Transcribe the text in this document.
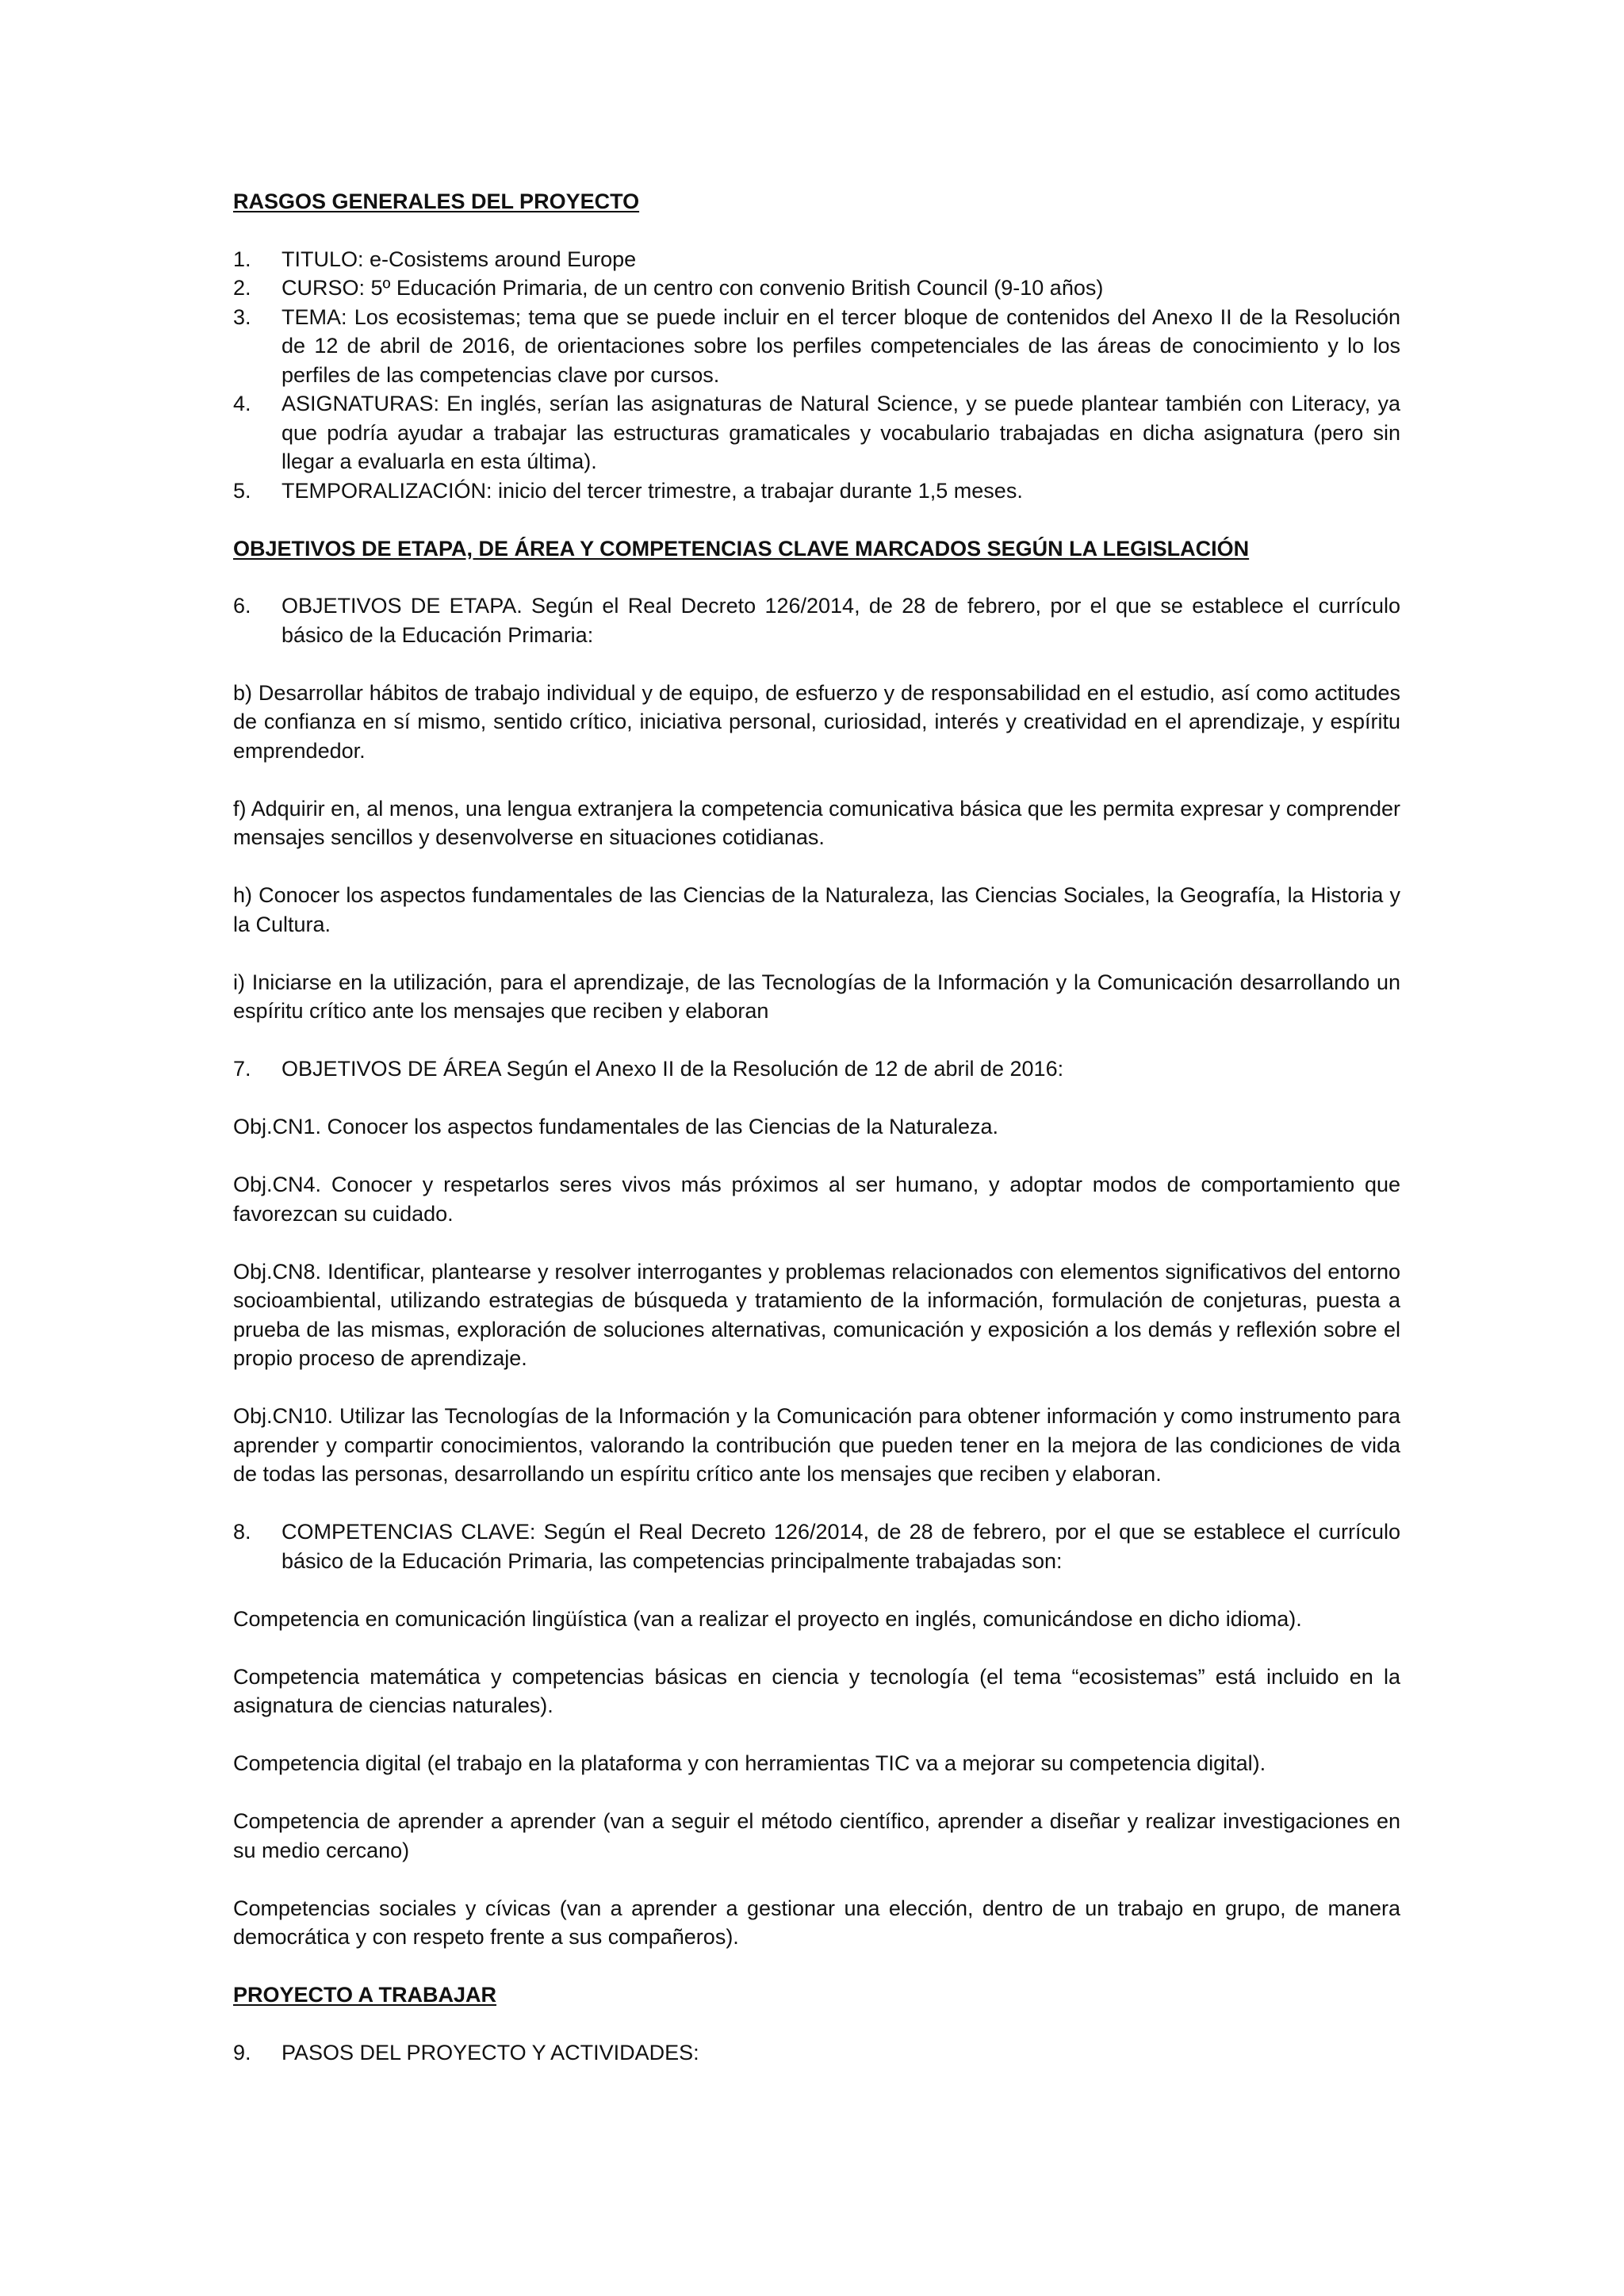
RASGOS GENERALES DEL PROYECTO
1.	TITULO: e-Cosistems around Europe
2.	CURSO: 5º Educación Primaria, de un centro con convenio British Council (9-10 años)
3.	TEMA: Los ecosistemas; tema que se puede incluir en el tercer bloque de contenidos del Anexo II de la Resolución de 12 de abril de 2016, de orientaciones sobre los perfiles competenciales de las áreas de conocimiento y lo los perfiles de las competencias clave por cursos.
4.	ASIGNATURAS: En inglés, serían las asignaturas de Natural Science, y se puede plantear también con Literacy, ya que podría ayudar a trabajar las estructuras gramaticales y vocabulario trabajadas en dicha asignatura (pero sin llegar a evaluarla en esta última).
5.	TEMPORALIZACIÓN: inicio del tercer trimestre, a trabajar durante 1,5 meses.
OBJETIVOS DE ETAPA, DE ÁREA Y COMPETENCIAS CLAVE MARCADOS SEGÚN LA LEGISLACIÓN
6.	OBJETIVOS DE ETAPA. Según el Real Decreto 126/2014, de 28 de febrero, por el que se establece el currículo básico de la Educación Primaria:
b) Desarrollar hábitos de trabajo individual y de equipo, de esfuerzo y de responsabilidad en el estudio, así como actitudes de confianza en sí mismo, sentido crítico, iniciativa personal, curiosidad, interés y creatividad en el aprendizaje, y espíritu emprendedor.
f) Adquirir en, al menos, una lengua extranjera la competencia comunicativa básica que les permita expresar y comprender mensajes sencillos y desenvolverse en situaciones cotidianas.
h) Conocer los aspectos fundamentales de las Ciencias de la Naturaleza, las Ciencias Sociales, la Geografía, la Historia y la Cultura.
i) Iniciarse en la utilización, para el aprendizaje, de las Tecnologías de la Información y la Comunicación desarrollando un espíritu crítico ante los mensajes que reciben y elaboran
7.	OBJETIVOS DE ÁREA Según el Anexo II de la Resolución de 12 de abril de 2016:
Obj.CN1. Conocer los aspectos fundamentales de las Ciencias de la Naturaleza.
Obj.CN4. Conocer y respetarlos seres vivos más próximos al ser humano, y adoptar modos de comportamiento que favorezcan su cuidado.
Obj.CN8. Identificar, plantearse y resolver interrogantes y problemas relacionados con elementos significativos del entorno socioambiental, utilizando estrategias de búsqueda y tratamiento de la información, formulación de conjeturas, puesta a prueba de las mismas, exploración de soluciones alternativas, comunicación y exposición a los demás y reflexión sobre el propio proceso de aprendizaje.
Obj.CN10. Utilizar las Tecnologías de la Información y la Comunicación para obtener información y como instrumento para aprender y compartir conocimientos, valorando la contribución que pueden tener en la mejora de las condiciones de vida de todas las personas, desarrollando un espíritu crítico ante los mensajes que reciben y elaboran.
8.	COMPETENCIAS CLAVE: Según el Real Decreto 126/2014, de 28 de febrero, por el que se establece el currículo básico de la Educación Primaria, las competencias principalmente trabajadas son:
Competencia en comunicación lingüística (van a realizar el proyecto en inglés, comunicándose en dicho idioma).
Competencia matemática y competencias básicas en ciencia y tecnología (el tema “ecosistemas” está incluido en la asignatura de ciencias naturales).
Competencia digital (el trabajo en la plataforma y con herramientas TIC va a mejorar su competencia digital).
Competencia de aprender a aprender (van a seguir el método científico, aprender a diseñar y realizar investigaciones en su medio cercano)
Competencias sociales y cívicas (van a aprender a gestionar una elección, dentro de un trabajo en grupo, de manera democrática y con respeto frente a sus compañeros).
PROYECTO A TRABAJAR
9.	PASOS DEL PROYECTO Y ACTIVIDADES:
